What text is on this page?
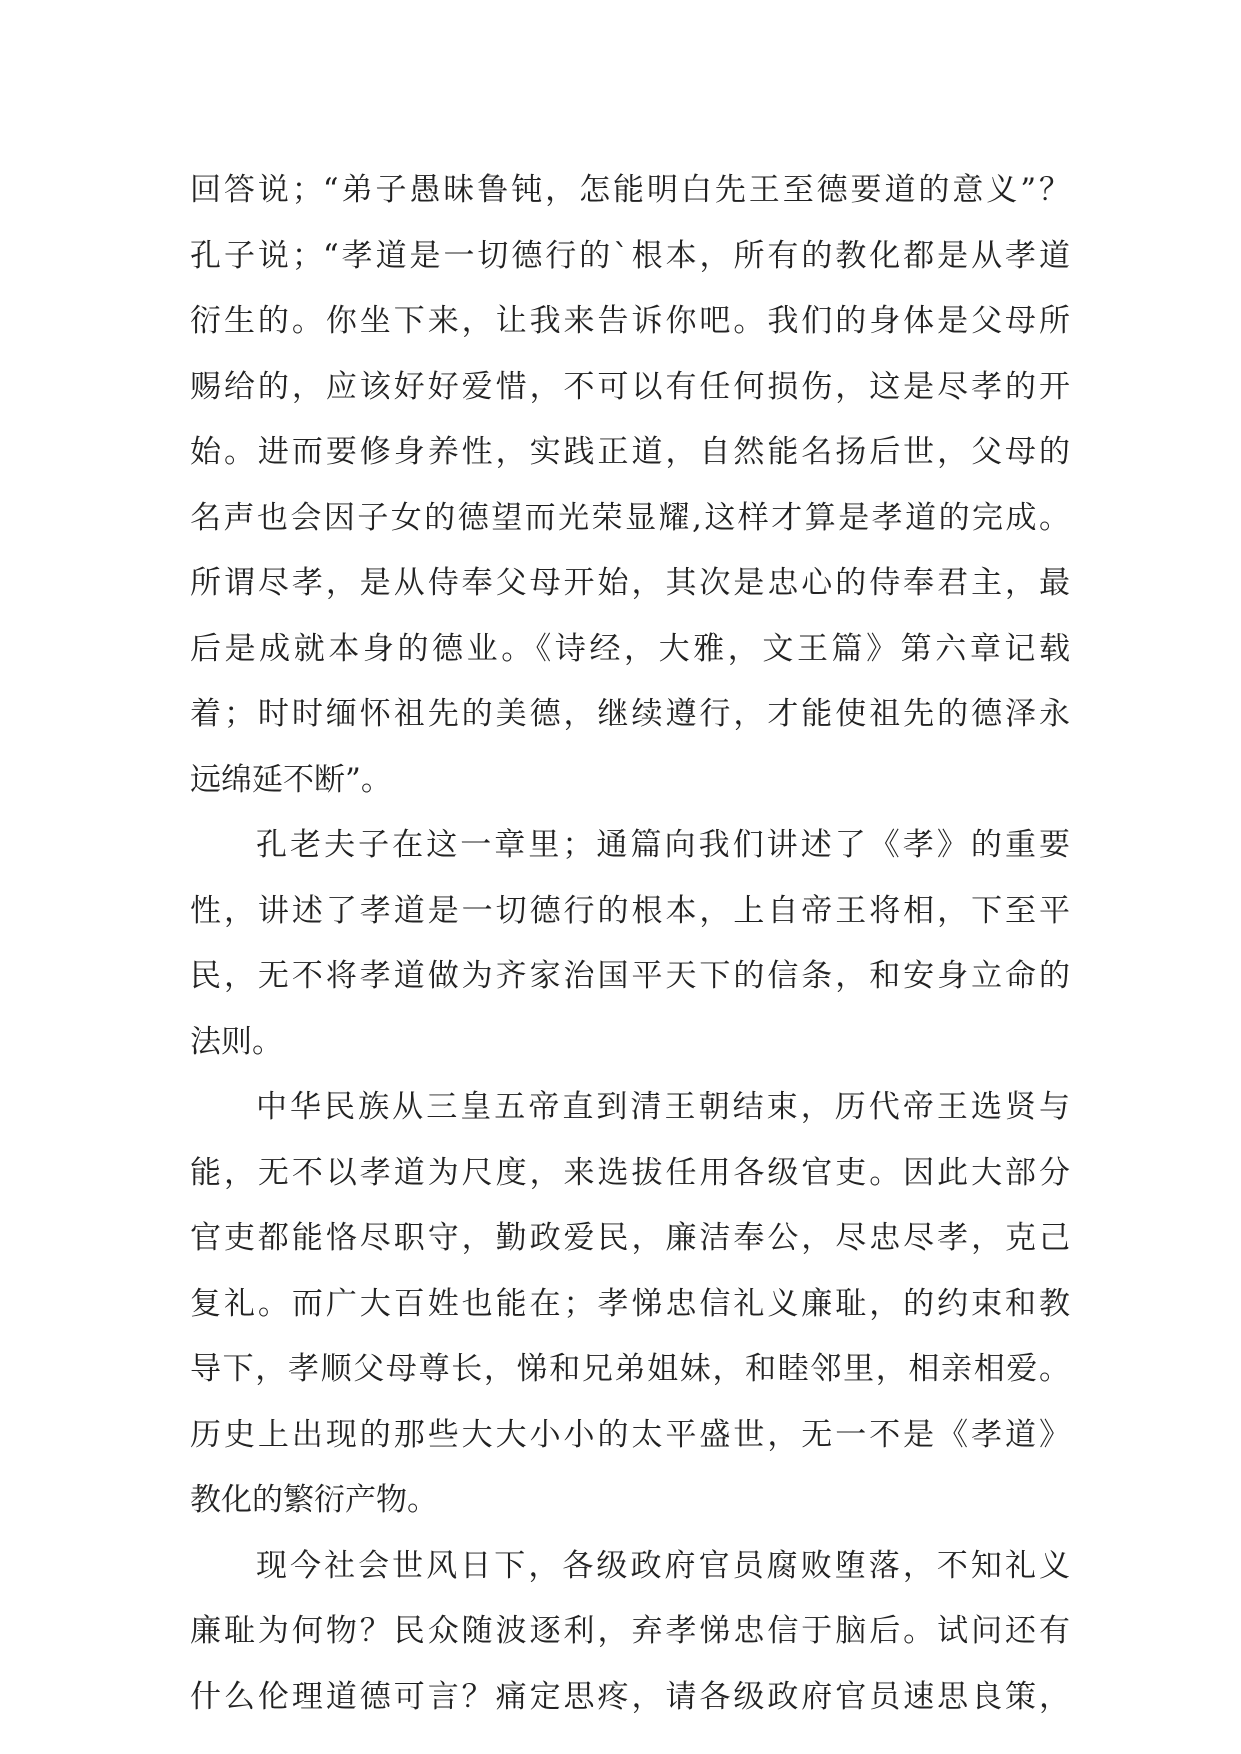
回答说；“弟子愚昧鲁钝，怎能明白先王至德要道的意义”？
孔子说；“孝道是一切德行的`根本，所有的教化都是从孝道
衍生的。你坐下来，让我来告诉你吧。我们的身体是父母所
赐给的，应该好好爱惜，不可以有任何损伤，这是尽孝的开
始。进而要修身养性，实践正道，自然能名扬后世，父母的
名声也会因子女的德望而光荣显耀,这样才算是孝道的完成。
所谓尽孝，是从侍奉父母开始，其次是忠心的侍奉君主，最
后是成就本身的德业。《诗经，大雅，文王篇》第六章记载
着；时时缅怀祖先的美德，继续遵行，才能使祖先的德泽永
远绵延不断”。
孔老夫子在这一章里；通篇向我们讲述了《孝》的重要
性，讲述了孝道是一切德行的根本，上自帝王将相，下至平
民，无不将孝道做为齐家治国平天下的信条，和安身立命的
法则。
中华民族从三皇五帝直到清王朝结束，历代帝王选贤与
能，无不以孝道为尺度，来选拔任用各级官吏。因此大部分
官吏都能恪尽职守，勤政爱民，廉洁奉公，尽忠尽孝，克己
复礼。而广大百姓也能在；孝悌忠信礼义廉耻，的约束和教
导下，孝顺父母尊长，悌和兄弟姐妹，和睦邻里，相亲相爱。
历史上出现的那些大大小小的太平盛世，无一不是《孝道》
教化的繁衍产物。
现今社会世风日下，各级政府官员腐败堕落，不知礼义
廉耻为何物？民众随波逐利，弃孝悌忠信于脑后。试问还有
什么伦理道德可言？痛定思疼，请各级政府官员速思良策，
